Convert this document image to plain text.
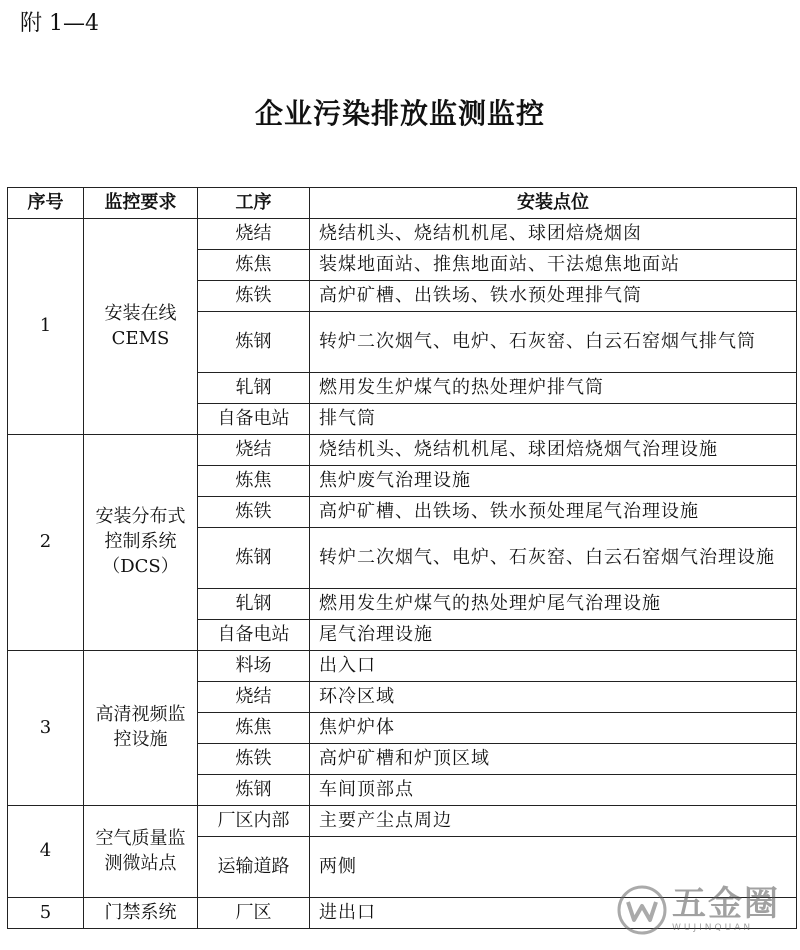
附 1—4
企业污染排放监测监控
序号	监控要求	工序	安装点位
1	安装在线CEMS	烧结	烧结机头、烧结机机尾、球团焙烧烟囱
		炼焦	装煤地面站、推焦地面站、干法熄焦地面站
		炼铁	高炉矿槽、出铁场、铁水预处理排气筒
		炼钢	转炉二次烟气、电炉、石灰窑、白云石窑烟气排气筒
		轧钢	燃用发生炉煤气的热处理炉排气筒
		自备电站	排气筒
2	安装分布式控制系统（DCS）	烧结	烧结机头、烧结机机尾、球团焙烧烟气治理设施
		炼焦	焦炉废气治理设施
		炼铁	高炉矿槽、出铁场、铁水预处理尾气治理设施
		炼钢	转炉二次烟气、电炉、石灰窑、白云石窑烟气治理设施
		轧钢	燃用发生炉煤气的热处理炉尾气治理设施
		自备电站	尾气治理设施
3	高清视频监控设施	料场	出入口
		烧结	环冷区域
		炼焦	焦炉炉体
		炼铁	高炉矿槽和炉顶区域
		炼钢	车间顶部点
4	空气质量监测微站点	厂区内部	主要产尘点周边
		运输道路	两侧
5	门禁系统	厂区	进出口	五金圈
WUJINQUAN
